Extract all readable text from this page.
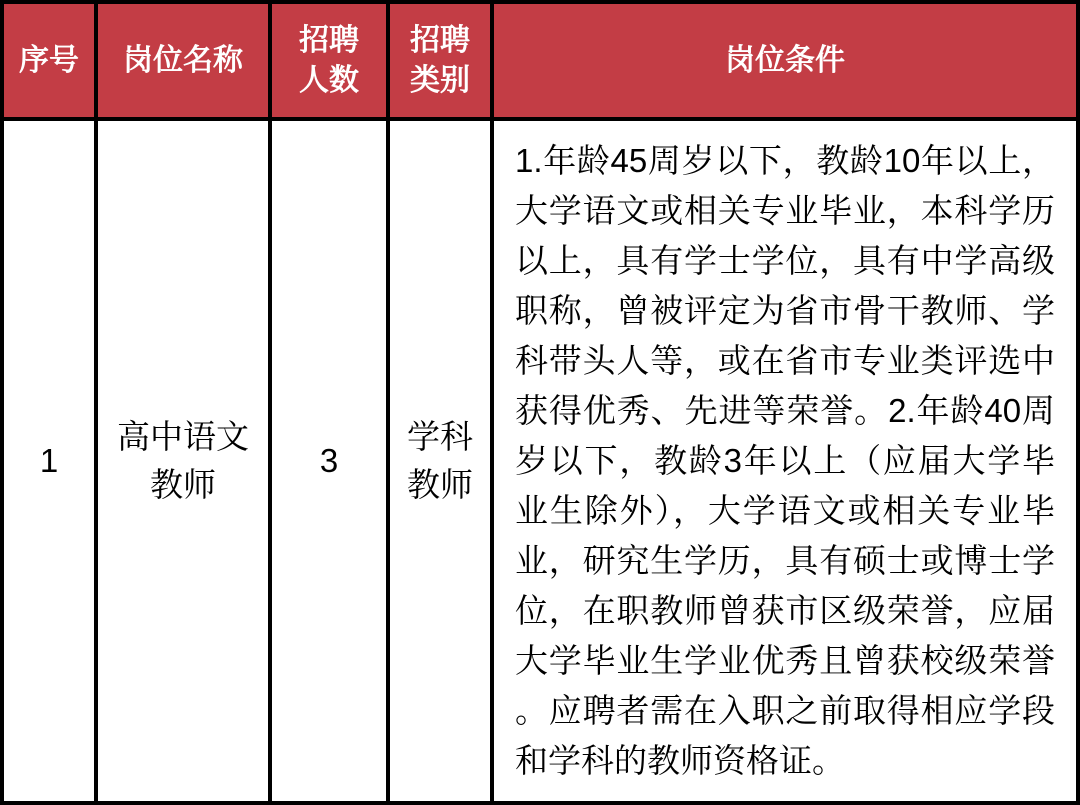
序号 岗位名称
招聘人数
招聘类别
岗位条件
1
高中语文教师
3
学科教师
1.年龄45周岁以下，教龄10年以上，大学语文或相关专业毕业，本科学历以上，具有学士学位，具有中学高级职称，曾被评定为省市骨干教师、学科带头人等，或在省市专业类评选中获得优秀、先进等荣誉。2.年龄40周岁以下，教龄3年以上（应届大学毕业生除外），大学语文或相关专业毕业，研究生学历，具有硕士或博士学位，在职教师曾获市区级荣誉，应届大学毕业生学业优秀且曾获校级荣誉。应聘者需在入职之前取得相应学段和学科的教师资格证。
